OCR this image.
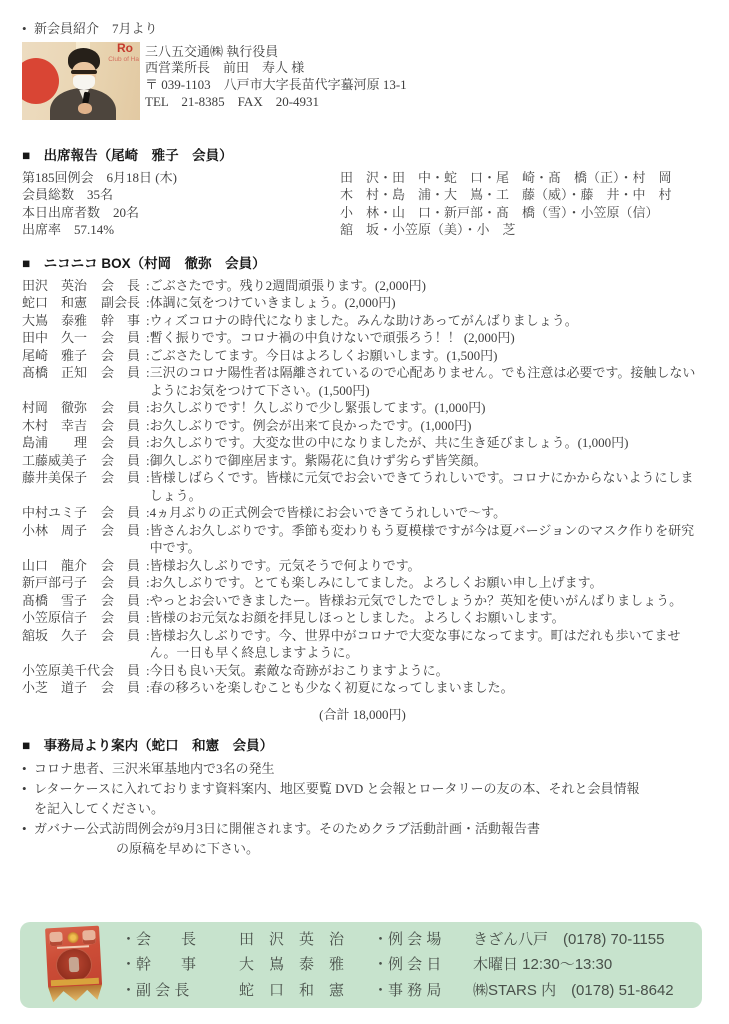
• 新会員紹介　7月より
Ro
Club of Ha
三八五交通㈱ 執行役員
西営業所長　前田　寿人 様
〒 039-1103　八戸市大字長苗代字蟇河原 13-1
TEL　21-8385　FAX　20-4931
■　出席報告（尾崎　雅子　会員）
第185回例会　6月18日 (木)
会員総数　35名
本日出席者数　20名
出席率　57.14%
田　沢・田　中・蛇　口・尾　崎・髙　橋（正）・村　岡
木　村・島　浦・大　嶌・工　藤（威）・藤　井・中　村
小　林・山　口・新戸部・髙　橋（雪）・小笠原（信）
舘　坂・小笠原（美）・小　芝
■　ニコニコ BOX（村岡　徹弥　会員）
田沢　英治	会　長 : ごぶさたです。残り2週間頑張ります。(2,000円)
蛇口　和憲	副会長 : 体調に気をつけていきましょう。(2,000円)
大嶌　泰雅	幹　事 : ウィズコロナの時代になりました。みんな助けあってがんばりましょう。
田中　久一	会　員 : 暫く振りです。コロナ禍の中負けないで頑張ろう！！ (2,000円)
尾崎　雅子	会　員 : ごぶさたしてます。今日はよろしくお願いします。(1,500円)
髙橋　正知	会　員 : 三沢のコロナ陽性者は隔離されているので心配ありません。でも注意は必要です。接触しないようにお気をつけて下さい。(1,500円)
村岡　徹弥	会　員 : お久しぶりです！久しぶりで少し緊張してます。(1,000円)
木村　幸吉	会　員 : お久しぶりです。例会が出来て良かったです。(1,000円)
島浦　　理	会　員 : お久しぶりです。大変な世の中になりましたが、共に生き延びましょう。(1,000円)
工藤威美子	会　員 : 御久しぶりで御座居ます。紫陽花に負けず劣らず皆笑顔。
藤井美保子	会　員 : 皆様しばらくです。皆様に元気でお会いできてうれしいです。コロナにかからないようにしましょう。
中村ユミ子	会　員 : 4ヵ月ぶりの正式例会で皆様にお会いできてうれしいで～す。
小林　周子	会　員 : 皆さんお久しぶりです。季節も変わりもう夏模様ですが今は夏バージョンのマスク作りを研究中です。
山口　龍介	会　員 : 皆様お久しぶりです。元気そうで何よりです。
新戸部弓子	会　員 : お久しぶりです。とても楽しみにしてました。よろしくお願い申し上げます。
髙橋　雪子	会　員 : やっとお会いできましたー。皆様お元気でしたでしょうか？英知を使いがんばりましょう。
小笠原信子	会　員 : 皆様のお元気なお顔を拝見しほっとしました。よろしくお願いします。
舘坂　久子	会　員 : 皆様お久しぶりです。今、世界中がコロナで大変な事になってます。町はだれも歩いてません。一日も早く終息しますように。
小笠原美千代 会　員 : 今日も良い天気。素敵な奇跡がおこりますように。
小芝　道子	会　員 : 春の移ろいを楽しむことも少なく初夏になってしまいました。
(合計 18,000円)
■　事務局より案内（蛇口　和憲　会員）
• コロナ患者、三沢米軍基地内で3名の発生
• レターケースに入れております資料案内、地区要覧 DVD と会報とロータリーの友の本、それと会員情報
を記入してください。
• ガバナー公式訪問例会が9月3日に開催されます。そのためクラブ活動計画・活動報告書
の原稿を早めに下さい。
・会　　長	田　沢　英　治
・幹　　事	大　嶌　泰　雅
・副 会 長	蛇　口　和　憲
・例 会 場	きざん八戸　(0178) 70-1155
・例 会 日	木曜日 12:30～13:30
・事 務 局	㈱STARS 内　(0178) 51-8642
